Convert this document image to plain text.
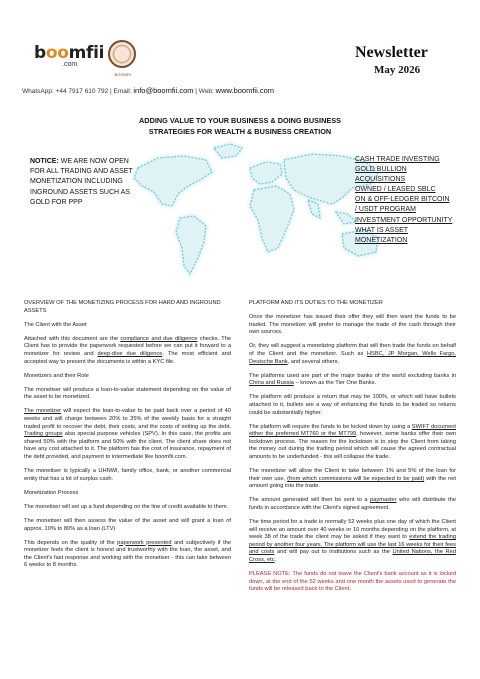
boomfii
.com
BOOMFII
Newsletter
May 2026
WhatsApp: +44 7917 610 792 | Email: info@boomfii.com | Web: www.boomfii.com
ADDING VALUE TO YOUR BUSINESS & DOING BUSINESS
STRATEGIES FOR WEALTH & BUSINESS CREATION
NOTICE: WE ARE NOW OPEN FOR ALL TRADING AND ASSET MONETIZATION INCLUDING INGROUND ASSETS SUCH AS GOLD FOR PPP
CASH TRADE INVESTING
GOLD BULLION
ACQUISITIONS
OWNED / LEASED SBLC
ON & OFF-LEDGER BITCOIN
/ USDT PROGRAM
INVESTMENT OPPORTUNITY
WHAT IS ASSET
MONETIZATION

OVERVIEW OF THE MONETIZING PROCESS FOR HARD AND INGROUND ASSETS

The Client with the Asset

Attached with this document are the compliance and due diligence checks. The Client has to provide the paperwork requested before we can put it forward to a monetizer for review and deep-dive due diligence. The most efficient and accepted way to present the documents is within a KYC file.

Monetizers and their Role

The monetiser will produce a loan-to-value statement depending on the value of the asset to be monetized.

The monetizer will expect the loan-to-value to be paid back over a period of 40 weeks and will charge between 20% to 35% of the weekly basis for a straight traded profit to recover the debt, their costs, and the costs of setting up the debt. Trading groups also special purpose vehicles (SPV). In this case, the profits are shared 50% with the platform and 50% with the client. The client share does not have any cost attached to it. The platform has the cost of insurance, repayment of the debt provided, and payment to intermediate like boomfii.com.

The monetiser is typically a UHNWI, family office, bank, or another commercial entity that has a lot of surplus cash.

Monetization Process

The monetiser will set up a fund depending on the line of credit available to them.

The monetiser will then assess the value of the asset and will grant a loan of approx. 10% to 80% as a loan (LTV)

This depends on the quality of the paperwork presented and subjectively if the monetizer feels the client is honest and trustworthy with the loan, the asset, and the Client's fast response and working with the monetiser - this can take between 6 weeks to 8 months.

PLATFORM AND ITS DUTIES TO THE MONETIZER

Once the monetizer has issued their offer they will then want the funds to be traded. The monetizer will prefer to manage the trade of the cash through their own sources.

Or, they will suggest a monetizing platform that will then trade the funds on behalf of the Client and the monetizer. Such as HSBC, JP Morgan, Wells Fargo, Deutsche Bank, and several others.

The platforms used are part of the major banks of the world excluding banks in China and Russia – known as the Tier One Banks.

The platform will produce a return that may be 100%, or which will have bullets attached to it, bullets are a way of enhancing the funds to be traded so returns could be substantially higher.

The platform will require the funds to be locked down by using a SWIFT document either the preferred MT760 or the MT799, however, some banks offer their own lockdown process. The reason for the lockdown is to stop the Client from taking the money out during the trading period which will cause the agreed contractual amounts to be underfunded - this will collapse the trade.

The monetizer will allow the Client to take between 1% and 5% of the loan for their own use, (from which commissions will be expected to be paid) with the net amount going into the trade.

The amount generated will then be sent to a paymaster who will distribute the funds in accordance with the Client's signed agreement.

The time period for a trade is normally 52 weeks plus one day of which the Client will receive an amount over 40 weeks or 10 months depending on the platform, at week 38 of the trade the client may be asked if they want to extend the trading period by another four years. The platform will use the last 16 weeks for their fees and costs and will pay out to institutions such as the United Nations, the Red Cross, etc.

PLEASE NOTE: The funds do not leave the Client's bank account as it is locked down, at the end of the 52 weeks and one month the assets used to generate the funds will be released back to the Client.
